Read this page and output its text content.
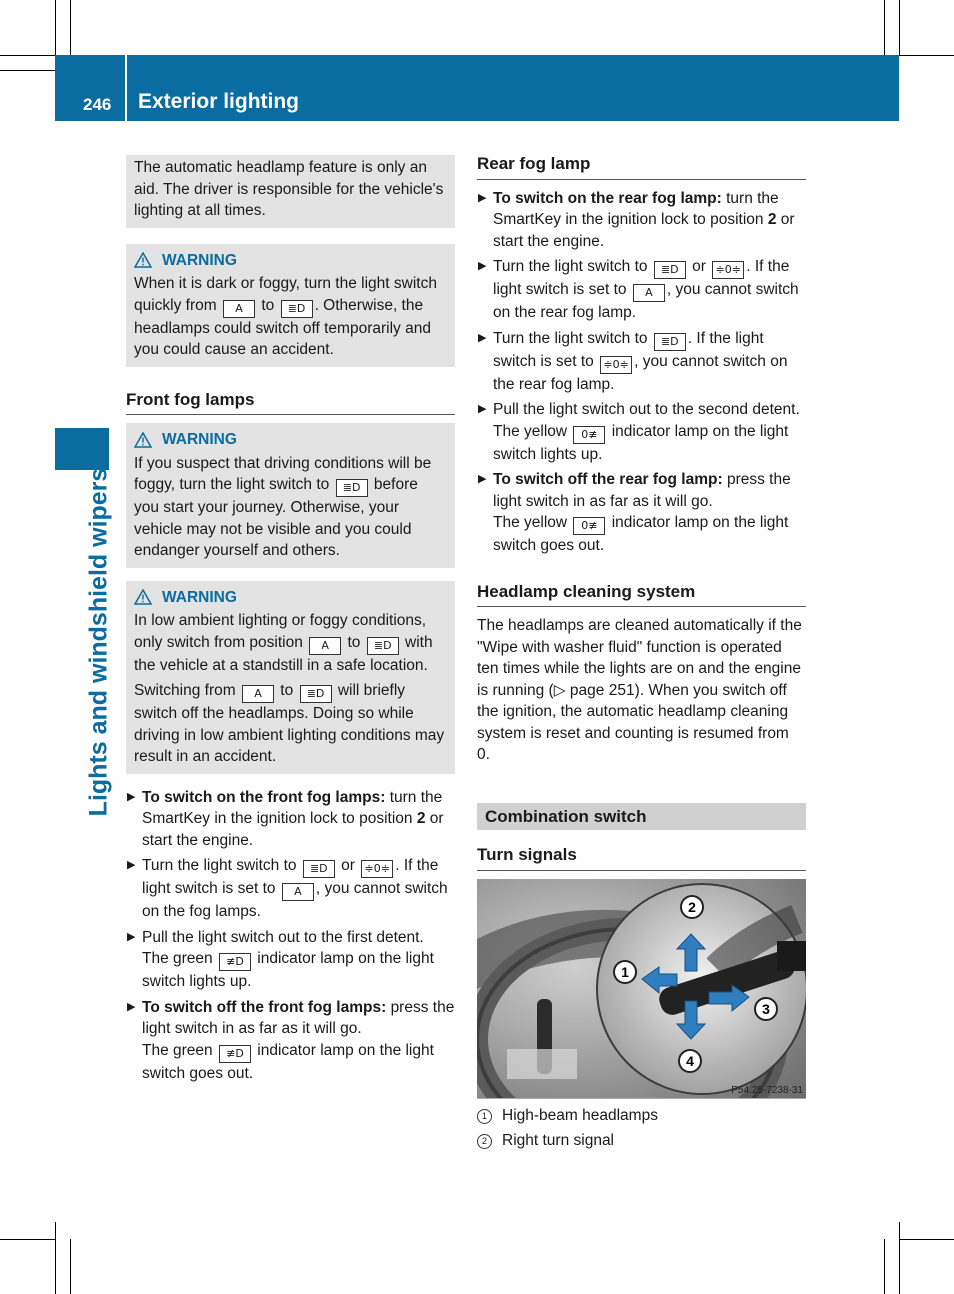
246 Exterior lighting
Lights and windshield wipers

The automatic headlamp feature is only an aid. The driver is responsible for the vehicle's lighting at all times.

WARNING

When it is dark or foggy, turn the light switch quickly from A to ≣D . Otherwise, the headlamps could switch off temporarily and you could cause an accident.

Front fog lamps
WARNING

If you suspect that driving conditions will be foggy, turn the light switch to ≣D before you start your journey. Otherwise, your vehicle may not be visible and you could endanger yourself and others.

WARNING

In low ambient lighting or foggy conditions, only switch from position A to ≣D with the vehicle at a standstill in a safe location.

Switching from A to ≣D will briefly switch off the headlamps. Doing so while driving in low ambient lighting conditions may result in an accident.

▶ To switch on the front fog lamps: turn the SmartKey in the ignition lock to position 2 or start the engine.
▶ Turn the light switch to ≣D or ≑0≑ . If the light switch is set to A , you cannot switch on the fog lamps.
▶ Pull the light switch out to the first detent.
The green ≢D indicator lamp on the light switch lights up.
▶ To switch off the front fog lamps: press the light switch in as far as it will go.
The green ≢D indicator lamp on the light switch goes out.
Rear fog lamp
▶ To switch on the rear fog lamp: turn the SmartKey in the ignition lock to position 2 or start the engine.
▶ Turn the light switch to ≣D or ≑0≑ . If the light switch is set to A , you cannot switch on the rear fog lamp.
▶ Turn the light switch to ≣D . If the light switch is set to ≑0≑ , you cannot switch on the rear fog lamp.
▶ Pull the light switch out to the second detent.
The yellow 0≢ indicator lamp on the light switch lights up.
▶ To switch off the rear fog lamp: press the light switch in as far as it will go.
The yellow 0≢ indicator lamp on the light switch goes out.
Headlamp cleaning system

The headlamps are cleaned automatically if the "Wipe with washer fluid" function is operated ten times while the lights are on and the engine is running (▷ page 251). When you switch off the ignition, the automatic headlamp cleaning system is reset and counting is resumed from 0.

Combination switch
Turn signals
2
1
3
4
P54.25-7238-31
1 High-beam headlamps
2 Right turn signal
